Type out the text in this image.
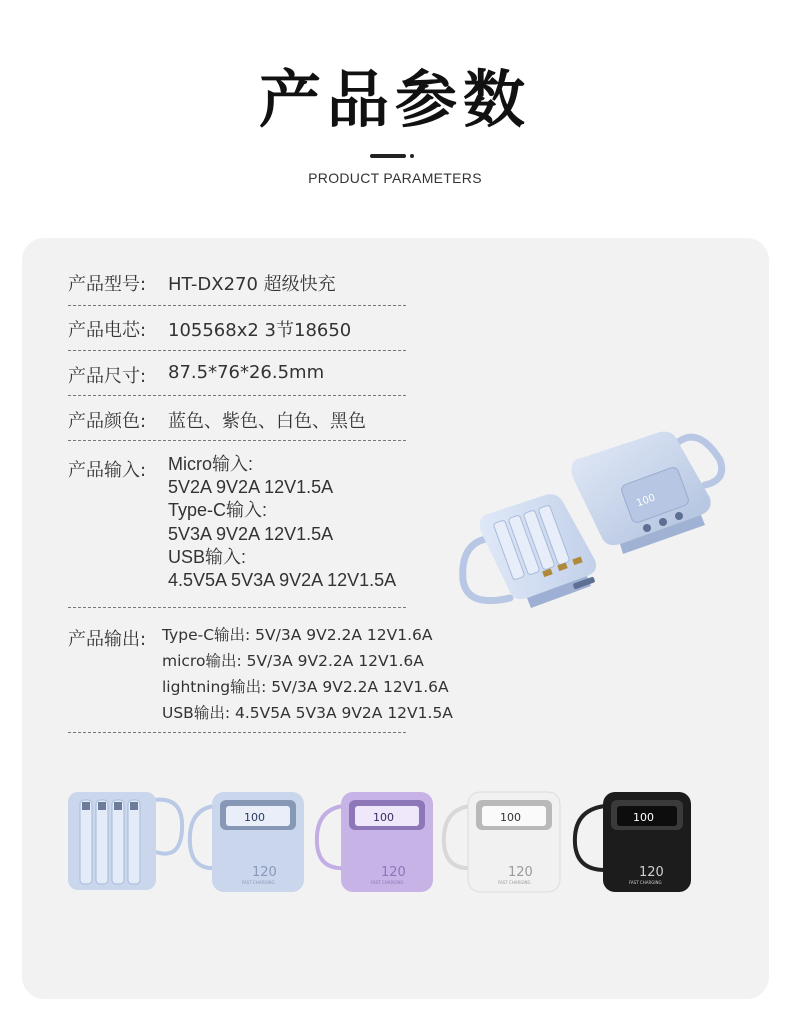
产品参数
PRODUCT PARAMETERS
产品型号: HT-DX270 超级快充
产品电芯: 105568x2 3节18650
产品尺寸: 87.5*76*26.5mm
产品颜色: 蓝色、紫色、白色、黑色
产品输入: Micro输入:
5V2A 9V2A 12V1.5A
Type-C输入:
5V3A 9V2A 12V1.5A
USB输入:
4.5V5A 5V3A 9V2A 12V1.5A
产品输出: Type-C输出: 5V/3A 9V2.2A 12V1.6A
micro输出: 5V/3A 9V2.2A 12V1.6A
lightning输出: 5V/3A 9V2.2A 12V1.6A
USB输出: 4.5V5A 5V3A 9V2A 12V1.5A
100
100
120
FAST CHARGING
100
120
FAST CHARGING
100
120
FAST CHARGING
100
120
FAST CHARGING
